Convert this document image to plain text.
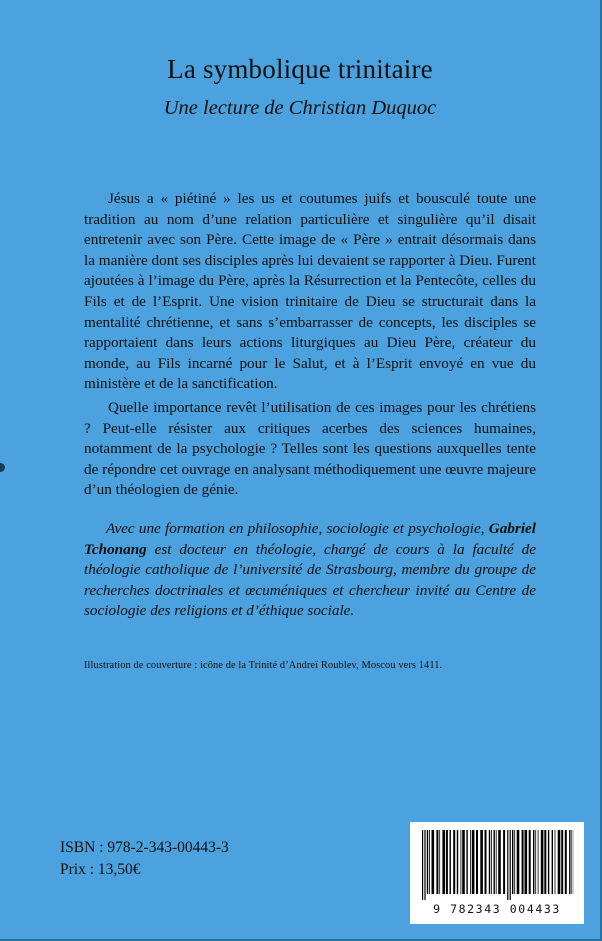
La symbolique trinitaire
Une lecture de Christian Duquoc

Jésus a « piétiné » les us et coutumes juifs et bousculé toute une tradition au nom d’une relation particulière et singulière qu’il disait entretenir avec son Père. Cette image de « Père » entrait désormais dans la manière dont ses disciples après lui devaient se rapporter à Dieu. Furent ajoutées à l’image du Père, après la Résurrection et la Pentecôte, celles du Fils et de l’Esprit. Une vision trinitaire de Dieu se structurait dans la mentalité chrétienne, et sans s’embarrasser de concepts, les disciples se rapportaient dans leurs actions liturgiques au Dieu Père, créateur du monde, au Fils incarné pour le Salut, et à l’Esprit envoyé en vue du ministère et de la sanctification.

Quelle importance revêt l’utilisation de ces images pour les chrétiens ? Peut-elle résister aux critiques acerbes des sciences humaines, notamment de la psychologie ? Telles sont les questions auxquelles tente de répondre cet ouvrage en analysant méthodiquement une œuvre majeure d’un théologien de génie.

Avec une formation en philosophie, sociologie et psychologie, Gabriel Tchonang est docteur en théologie, chargé de cours à la faculté de théologie catholique de l’université de Strasbourg, membre du groupe de recherches doctrinales et œcuméniques et chercheur invité au Centre de sociologie des religions et d’éthique sociale.

Illustration de couverture : icône de la Trinité d’Andreï Roublev, Moscou vers 1411.
ISBN : 978-2-343-00443-3
Prix : 13,50€
9 782343 004433
